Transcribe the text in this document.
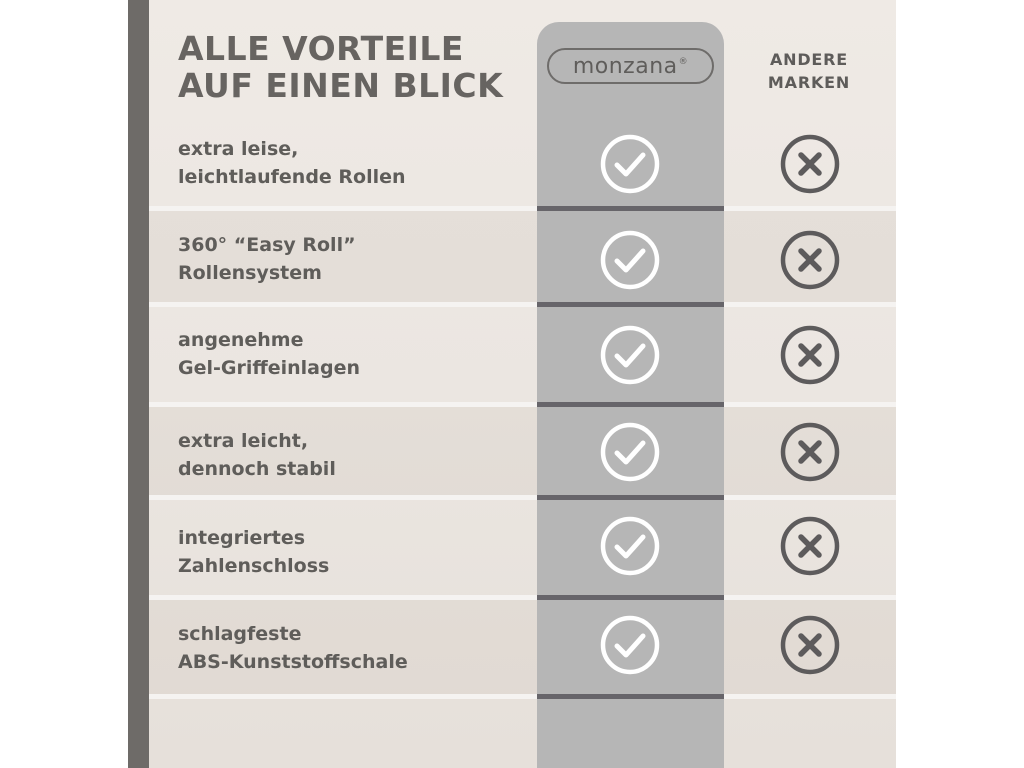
ALLE VORTEILE
AUF EINEN BLICK	monzana®	ANDERE
MARKEN
extra leise,
leichtlaufende Rollen
360° “Easy Roll”
Rollensystem
angenehme
Gel-Griffeinlagen
extra leicht,
dennoch stabil
integriertes
Zahlenschloss
schlagfeste
ABS-Kunststoffschale
